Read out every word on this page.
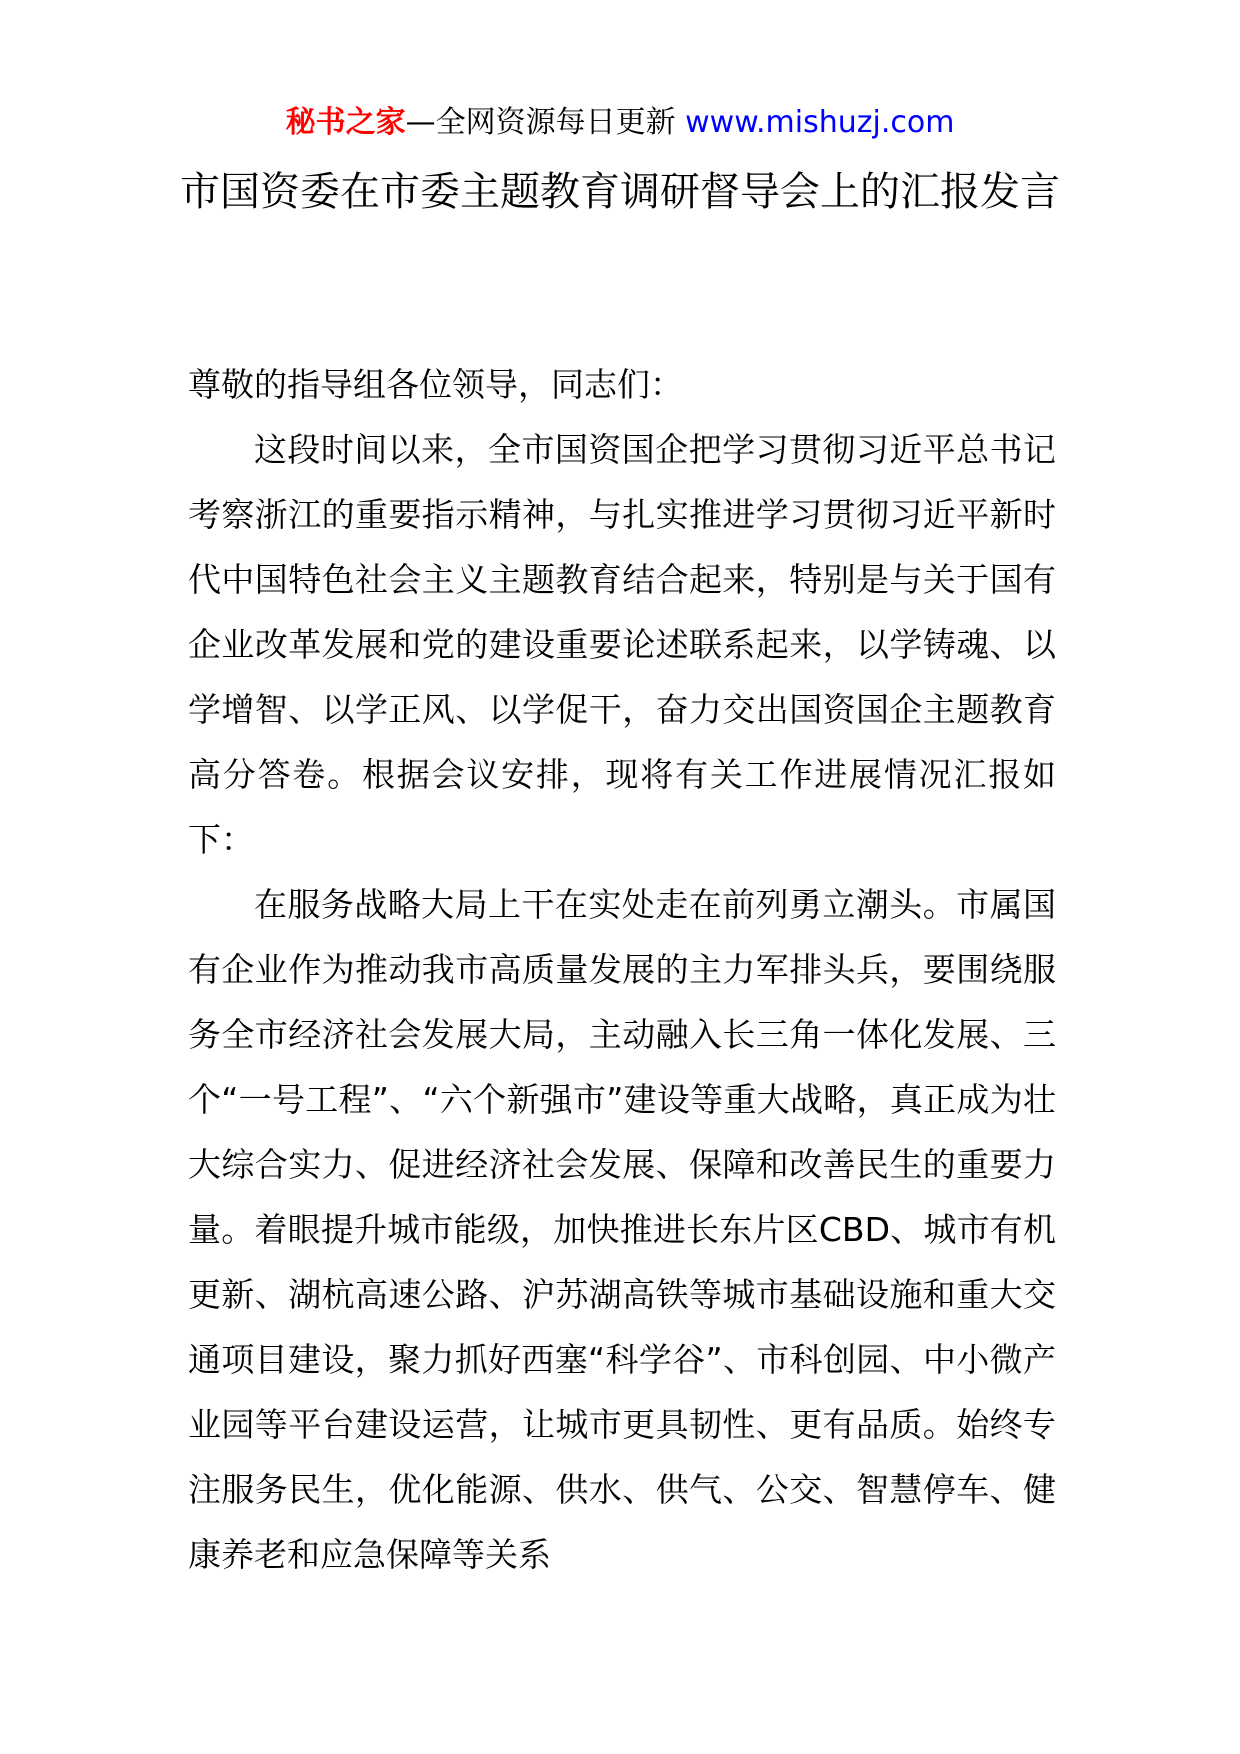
秘书之家—全网资源每日更新 www.mishuzj.com
市国资委在市委主题教育调研督导会上的汇报发言

尊敬的指导组各位领导，同志们：

这段时间以来，全市国资国企把学习贯彻习近平总书记考察浙江的重要指示精神，与扎实推进学习贯彻习近平新时代中国特色社会主义主题教育结合起来，特别是与关于国有企业改革发展和党的建设重要论述联系起来，以学铸魂、以学增智、以学正风、以学促干，奋力交出国资国企主题教育高分答卷。根据会议安排，现将有关工作进展情况汇报如下：

在服务战略大局上干在实处走在前列勇立潮头。市属国有企业作为推动我市高质量发展的主力军排头兵，要围绕服务全市经济社会发展大局，主动融入长三角一体化发展、三个“一号工程”、“六个新强市”建设等重大战略，真正成为壮大综合实力、促进经济社会发展、保障和改善民生的重要力量。着眼提升城市能级，加快推进长东片区CBD、城市有机更新、湖杭高速公路、沪苏湖高铁等城市基础设施和重大交通项目建设，聚力抓好西塞“科学谷”、市科创园、中小微产业园等平台建设运营，让城市更具韧性、更有品质。始终专注服务民生，优化能源、供水、供气、公交、智慧停车、健康养老和应急保障等关系
